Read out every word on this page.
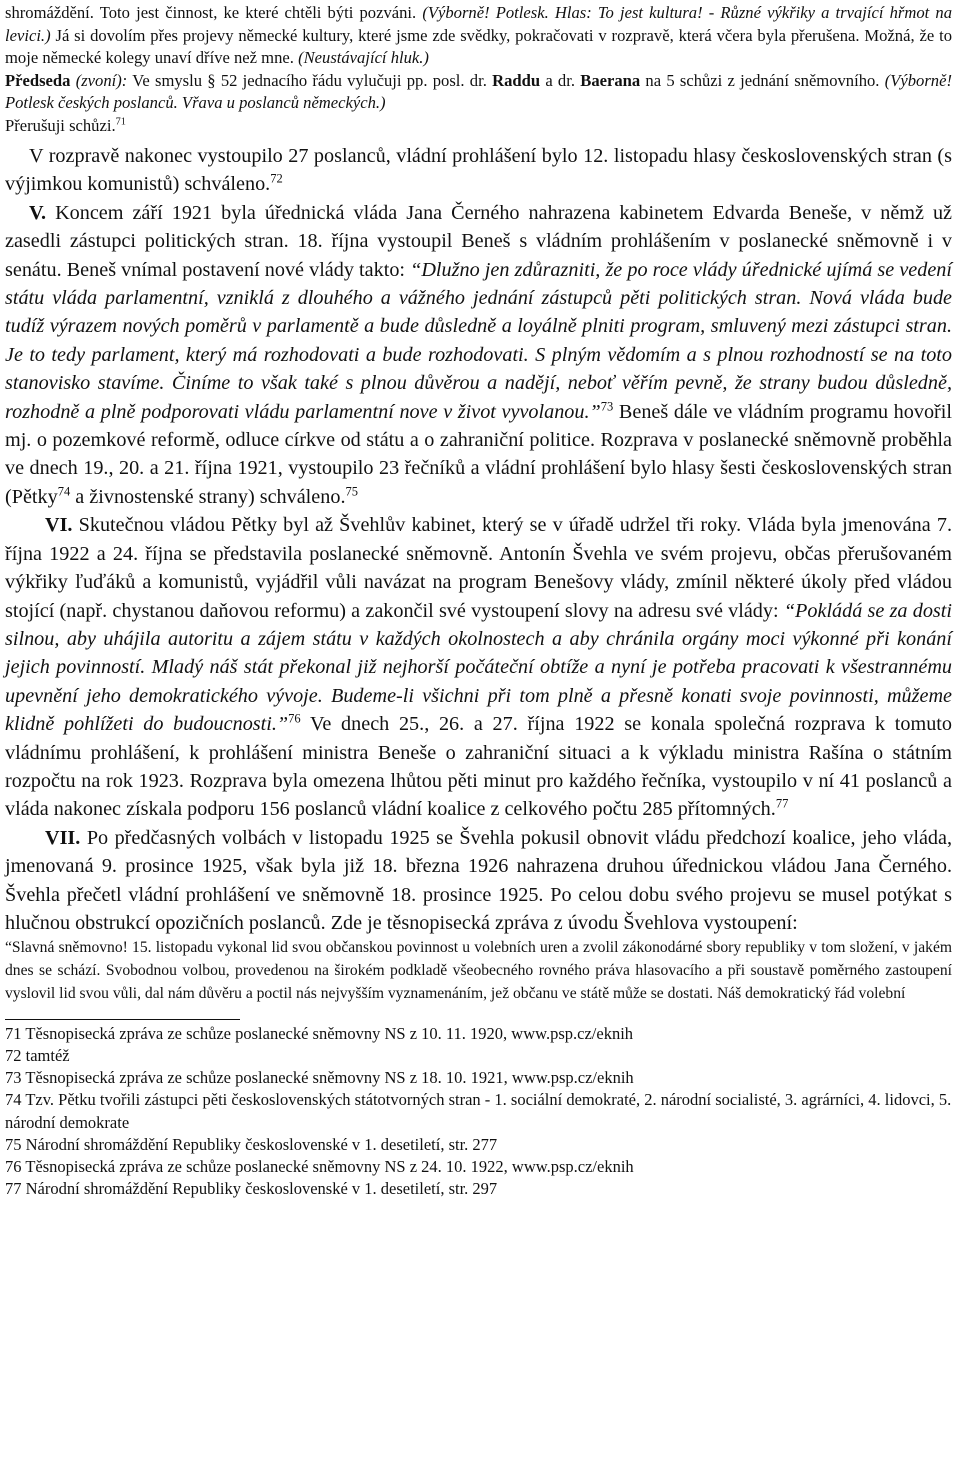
shromáždění. Toto jest činnost, ke které chtěli býti pozváni. (Výborně! Potlesk. Hlas: To jest kultura! - Různé výkřiky a trvající hřmot na levici.) Já si dovolím přes projevy německé kultury, které jsme zde svědky, pokračovati v rozpravě, která včera byla přerušena. Možná, že to moje německé kolegy unaví dříve než mne. (Neustávající hluk.)
Předseda (zvoní): Ve smyslu § 52 jednacího řádu vylučuji pp. posl. dr. Raddu a dr. Baerana na 5 schůzi z jednání sněmovního. (Výborně! Potlesk českých poslanců. Vřava u poslanců německých.)
Přerušuji schůzi.$^{71}$

V rozpravě nakonec vystoupilo 27 poslanců, vládní prohlášení bylo 12. listopadu hlasy československých stran (s výjimkou komunistů) schváleno.$^{72}$

V. Koncem září 1921 byla úřednická vláda Jana Černého nahrazena kabinetem Edvarda Beneše, v němž už zasedli zástupci politických stran. 18. října vystoupil Beneš s vládním prohlášením v poslanecké sněmovně i v senátu. Beneš vnímal postavení nové vlády takto: “Dlužno jen zdůrazniti, že po roce vlády úřednické ujímá se vedení státu vláda parlamentní, vzniklá z dlouhého a vážného jednání zástupců pěti politických stran. Nová vláda bude tudíž výrazem nových poměrů v parlamentě a bude důsledně a loyálně plniti program, smluvený mezi zástupci stran. Je to tedy parlament, který má rozhodovati a bude rozhodovati. S plným vědomím a s plnou rozhodností se na toto stanovisko stavíme. Činíme to však také s plnou důvěrou a nadějí, neboť věřím pevně, že strany budou důsledně, rozhodně a plně podporovati vládu parlamentní nove v život vyvolanou.”$^{73}$ Beneš dále ve vládním programu hovořil mj. o pozemkové reformě, odluce církve od státu a o zahraniční politice. Rozprava v poslanecké sněmovně proběhla ve dnech 19., 20. a 21. října 1921, vystoupilo 23 řečníků a vládní prohlášení bylo hlasy šesti československých stran (Pětky$^{74}$ a živnostenské strany) schváleno.$^{75}$

VI. Skutečnou vládou Pětky byl až Švehlův kabinet, který se v úřadě udržel tři roky. Vláda byla jmenována 7. října 1922 a 24. října se představila poslanecké sněmovně. Antonín Švehla ve svém projevu, občas přerušovaném výkřiky ľuďáků a komunistů, vyjádřil vůli navázat na program Benešovy vlády, zmínil některé úkoly před vládou stojící (např. chystanou daňovou reformu) a zakončil své vystoupení slovy na adresu své vlády: “Pokládá se za dosti silnou, aby uhájila autoritu a zájem státu v každých okolnostech a aby chránila orgány moci výkonné při konání jejich povinností. Mladý náš stát překonal již nejhorší počáteční obtíže a nyní je potřeba pracovati k všestrannému upevnění jeho demokratického vývoje. Budeme-li všichni při tom plně a přesně konati svoje povinnosti, můžeme klidně pohlížeti do budoucnosti.”$^{76}$ Ve dnech 25., 26. a 27. října 1922 se konala společná rozprava k tomuto vládnímu prohlášení, k prohlášení ministra Beneše o zahraniční situaci a k výkladu ministra Rašína o státním rozpočtu na rok 1923. Rozprava byla omezena lhůtou pěti minut pro každého řečníka, vystoupilo v ní 41 poslanců a vláda nakonec získala podporu 156 poslanců vládní koalice z celkového počtu 285 přítomných.$^{77}$

VII. Po předčasných volbách v listopadu 1925 se Švehla pokusil obnovit vládu předchozí koalice, jeho vláda, jmenovaná 9. prosince 1925, však byla již 18. března 1926 nahrazena druhou úřednickou vládou Jana Černého. Švehla přečetl vládní prohlášení ve sněmovně 18. prosince 1925. Po celou dobu svého projevu se musel potýkat s hlučnou obstrukcí opozičních poslanců. Zde je těsnopisecká zpráva z úvodu Švehlova vystoupení:

“Slavná sněmovno! 15. listopadu vykonal lid svou občanskou povinnost u volebních uren a zvolil zákonodárné sbory republiky v tom složení, v jakém dnes se schází. Svobodnou volbou, provedenou na širokém podkladě všeobecného rovného práva hlasovacího a při soustavě poměrného zastoupení vyslovil lid svou vůli, dal nám důvěru a poctil nás nejvyšším vyznamenáním, jež občanu ve státě může se dostati. Náš demokratický řád volební

71 Těsnopisecká zpráva ze schůze poslanecké sněmovny NS z 10. 11. 1920, www.psp.cz/eknih

72 tamtéž

73 Těsnopisecká zpráva ze schůze poslanecké sněmovny NS z 18. 10. 1921, www.psp.cz/eknih

74 Tzv. Pětku tvořili zástupci pěti československých státotvorných stran - 1. sociální demokraté, 2. národní socialisté, 3. agrárníci, 4. lidovci, 5. národní demokrate

75 Národní shromáždění Republiky československé v 1. desetiletí, str. 277

76 Těsnopisecká zpráva ze schůze poslanecké sněmovny NS z 24. 10. 1922, www.psp.cz/eknih

77 Národní shromáždění Republiky československé v 1. desetiletí, str. 297
